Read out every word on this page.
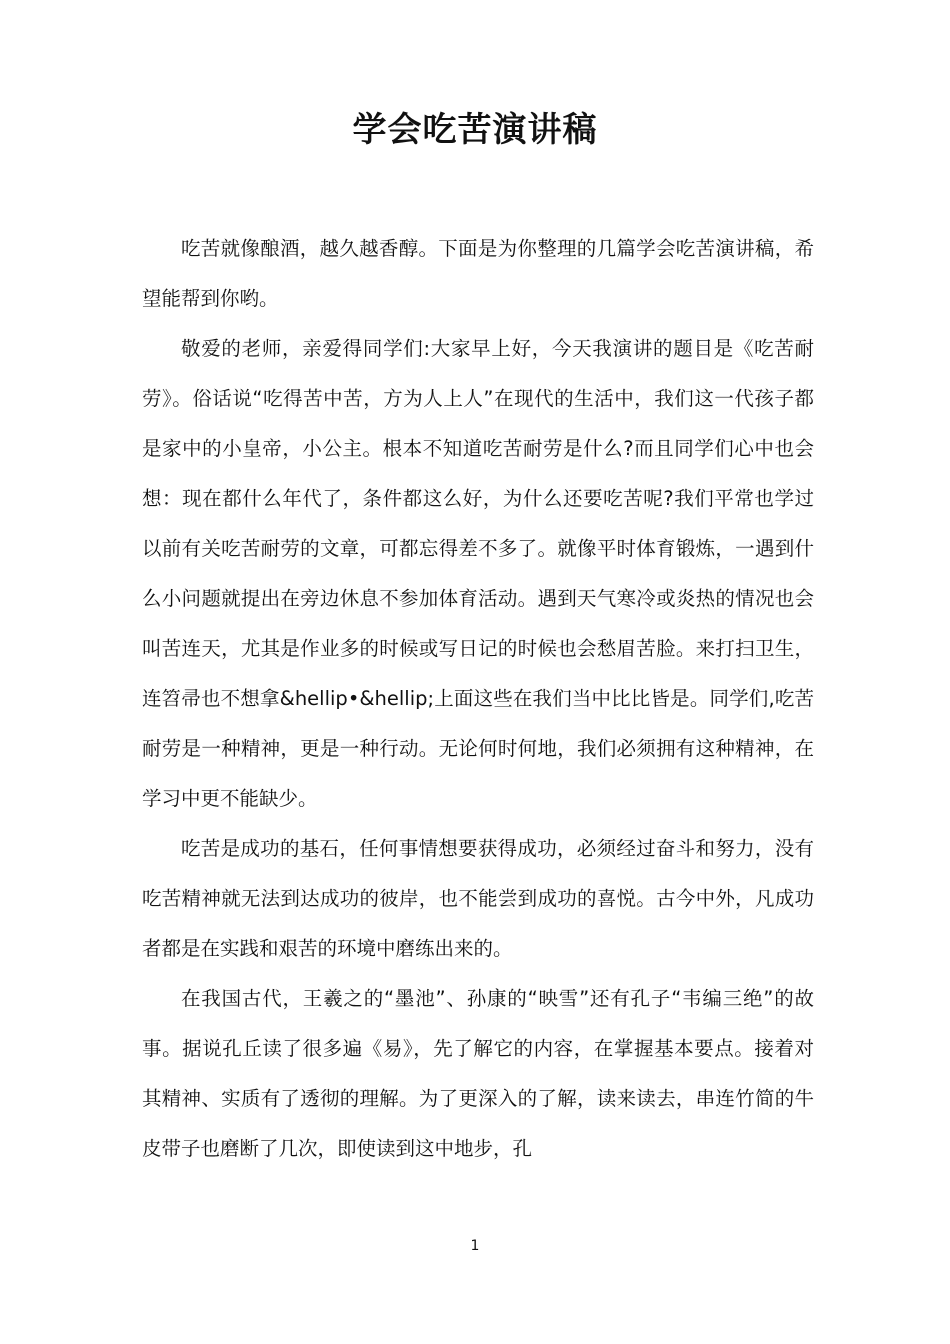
学会吃苦演讲稿

吃苦就像酿酒，越久越香醇。下面是为你整理的几篇学会吃苦演讲稿，希望能帮到你哟。

敬爱的老师，亲爱得同学们:大家早上好，今天我演讲的题目是《吃苦耐劳》。俗话说“吃得苦中苦，方为人上人”在现代的生活中，我们这一代孩子都是家中的小皇帝，小公主。根本不知道吃苦耐劳是什么?而且同学们心中也会想：现在都什么年代了，条件都这么好，为什么还要吃苦呢?我们平常也学过以前有关吃苦耐劳的文章，可都忘得差不多了。就像平时体育锻炼，一遇到什么小问题就提出在旁边休息不参加体育活动。遇到天气寒冷或炎热的情况也会叫苦连天，尤其是作业多的时候或写日记的时候也会愁眉苦脸。来打扫卫生，连笤帚也不想拿&hellip•&hellip;上面这些在我们当中比比皆是。同学们,吃苦耐劳是一种精神，更是一种行动。无论何时何地，我们必须拥有这种精神，在学习中更不能缺少。

吃苦是成功的基石，任何事情想要获得成功，必须经过奋斗和努力，没有吃苦精神就无法到达成功的彼岸，也不能尝到成功的喜悦。古今中外，凡成功者都是在实践和艰苦的环境中磨练出来的。

在我国古代，王羲之的“墨池”、孙康的“映雪”还有孔子“韦编三绝”的故事。据说孔丘读了很多遍《易》，先了解它的内容，在掌握基本要点。接着对其精神、实质有了透彻的理解。为了更深入的了解，读来读去，串连竹简的牛皮带子也磨断了几次，即使读到这中地步，孔

1
